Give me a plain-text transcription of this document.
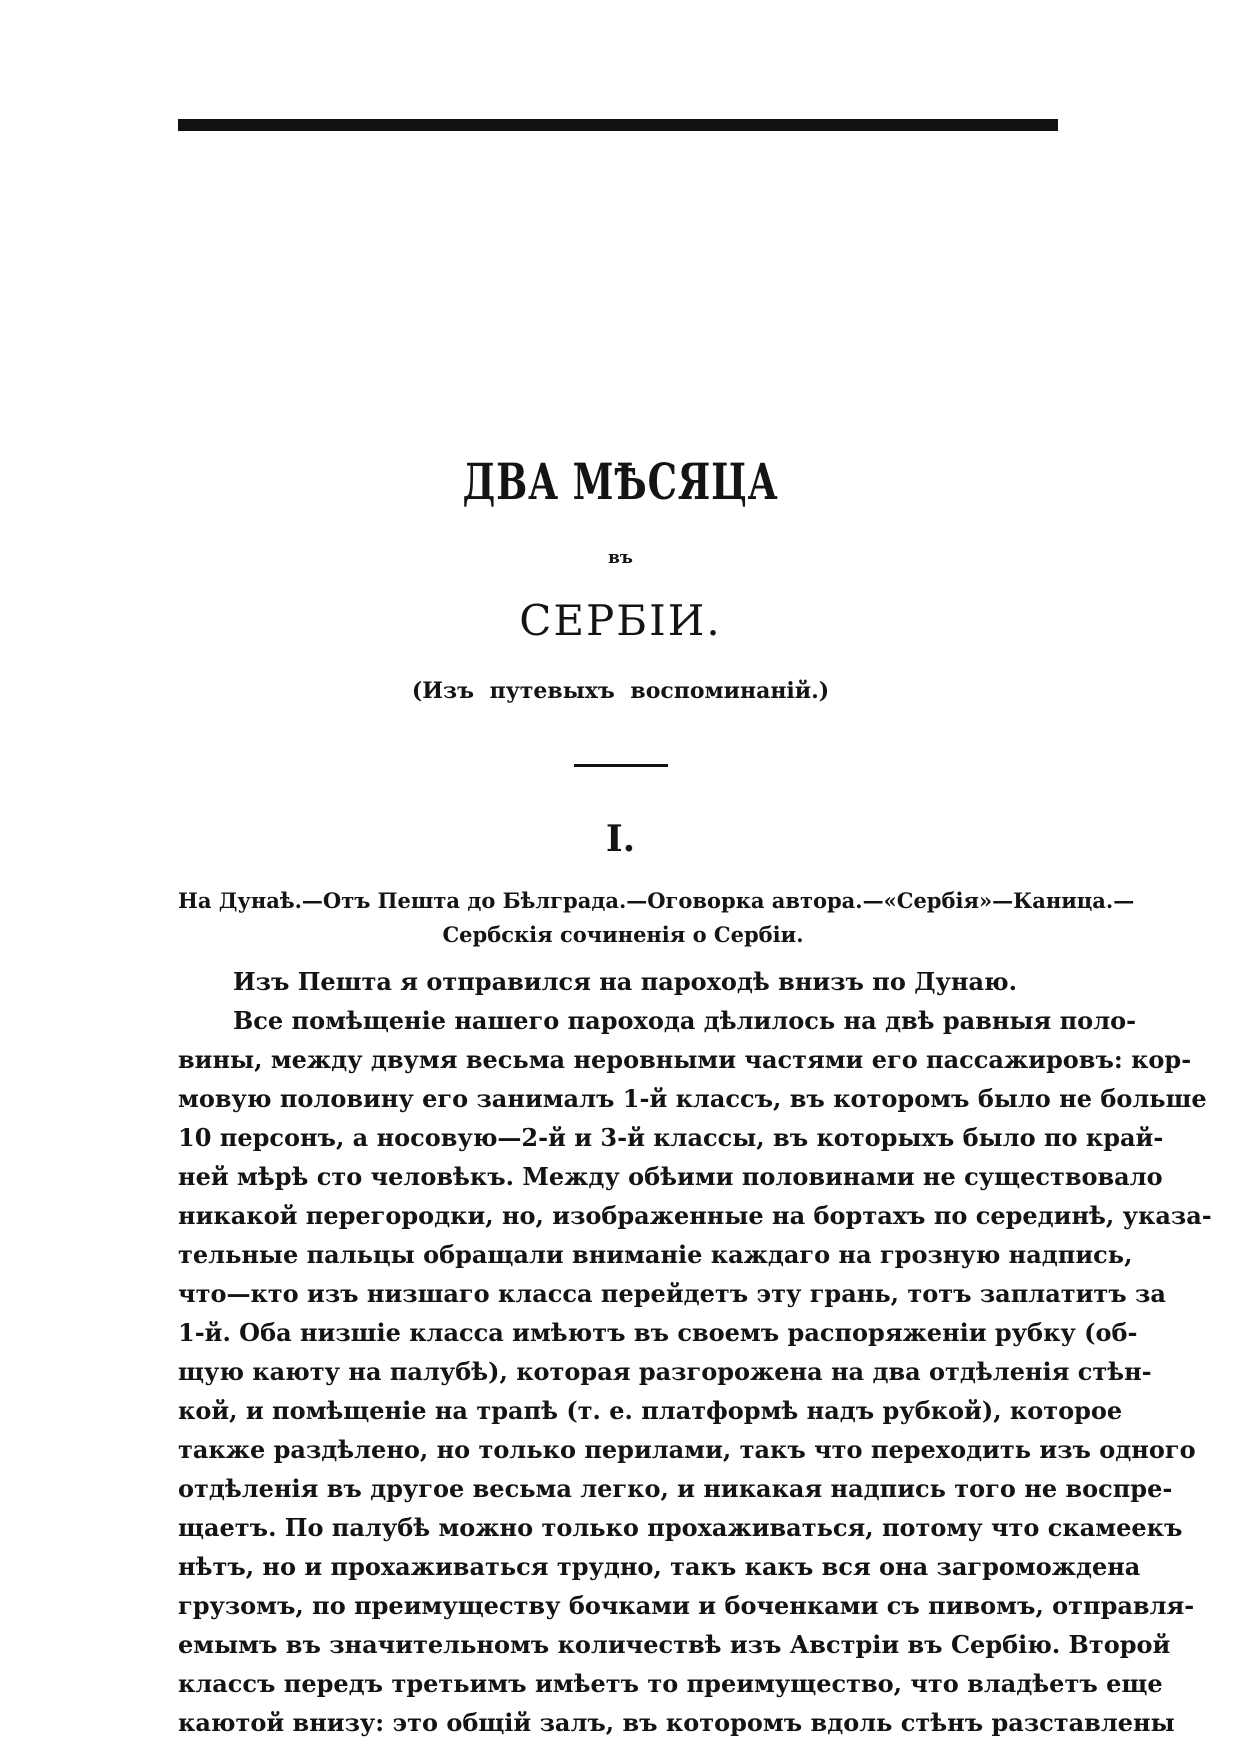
ДВА МѢСЯЦА
въ
СЕРБІИ.
(Изъ путевыхъ воспоминаній.)
I.
На Дунаѣ.—Отъ Пешта до Бѣлграда.—Оговорка автора.—«Сербія»—Каница.—
Сербскія сочиненія о Сербіи.
Изъ Пешта я отправился на пароходѣ внизъ по Дунаю.
Все помѣщеніе нашего парохода дѣлилось на двѣ равныя поло-
вины, между двумя весьма неровными частями его пассажировъ: кор-
мовую половину его занималъ 1-й классъ, въ которомъ было не больше
10 персонъ, а носовую—2-й и 3-й классы, въ которыхъ было по край-
ней мѣрѣ сто человѣкъ. Между обѣими половинами не существовало
никакой перегородки, но, изображенные на бортахъ по серединѣ, указа-
тельные пальцы обращали вниманіе каждаго на грозную надпись,
что—кто изъ низшаго класса перейдетъ эту грань, тотъ заплатитъ за
1-й. Оба низшіе класса имѣютъ въ своемъ распоряженіи рубку (об-
щую каюту на палубѣ), которая разгорожена на два отдѣленія стѣн-
кой, и помѣщеніе на трапѣ (т. е. платформѣ надъ рубкой), которое
также раздѣлено, но только перилами, такъ что переходить изъ одного
отдѣленія въ другое весьма легко, и никакая надпись того не воспре-
щаетъ. По палубѣ можно только прохаживаться, потому что скамеекъ
нѣтъ, но и прохаживаться трудно, такъ какъ вся она загромождена
грузомъ, по преимуществу бочками и боченками съ пивомъ, отправля-
емымъ въ значительномъ количествѣ изъ Австріи въ Сербію. Второй
классъ передъ третьимъ имѣетъ то преимущество, что владѣетъ еще
каютой внизу: это общій залъ, въ которомъ вдоль стѣнъ разставлены
